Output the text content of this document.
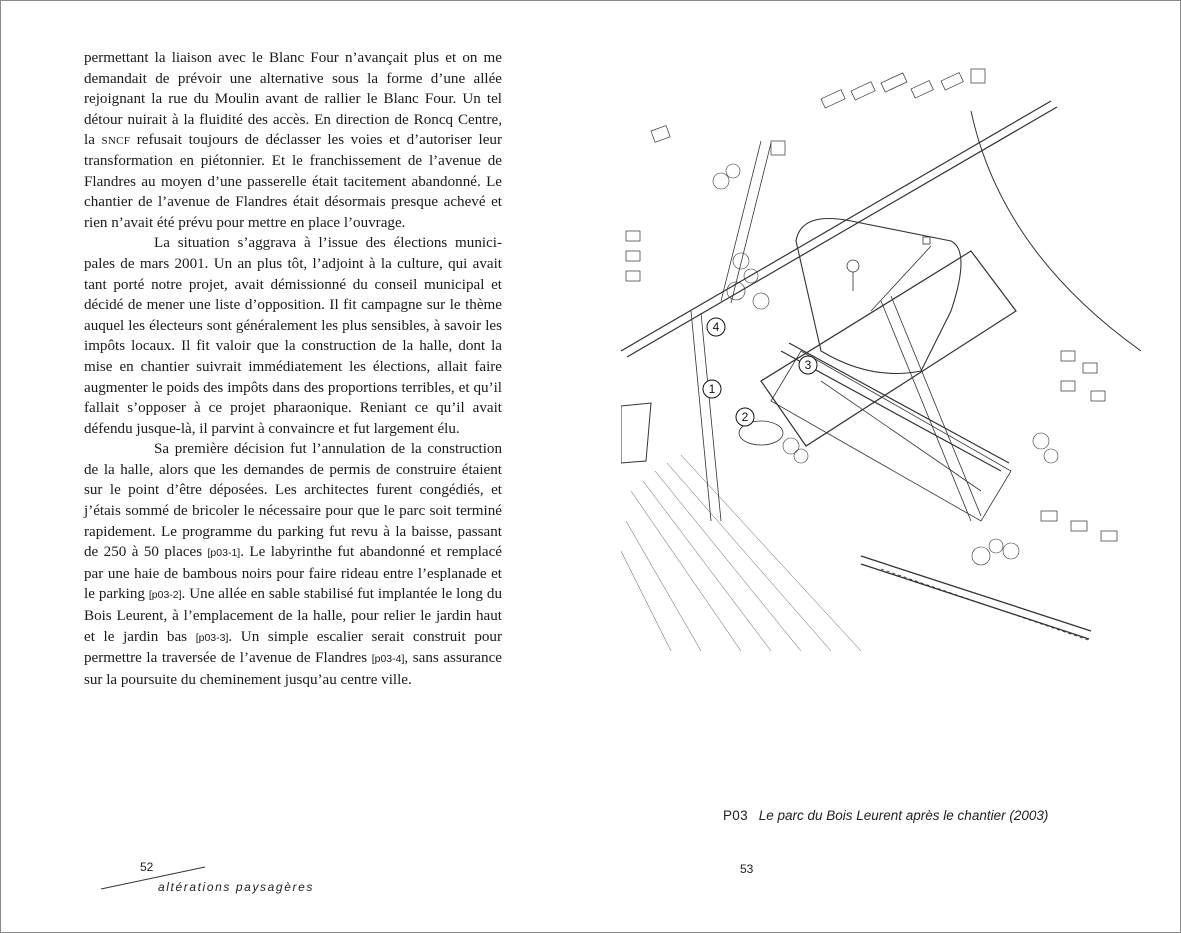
permettant la liaison avec le Blanc Four n’avançait plus et on me demandait de prévoir une alternative sous la forme d’une allée rejoignant la rue du Moulin avant de rallier le Blanc Four. Un tel détour nuirait à la fluidité des accès. En direction de Roncq Centre, la sncf refusait toujours de déclasser les voies et d’autoriser leur transformation en piétonnier. Et le franchissement de l’avenue de Flandres au moyen d’une passerelle était tacitement abandonné. Le chantier de l’avenue de Flandres était désormais presque achevé et rien n’avait été prévu pour mettre en place l’ouvrage.

La situation s’aggrava à l’issue des élections munici-pales de mars 2001. Un an plus tôt, l’adjoint à la culture, qui avait tant porté notre projet, avait démissionné du conseil municipal et décidé de mener une liste d’opposition. Il fit campagne sur le thème auquel les électeurs sont généralement les plus sensibles, à savoir les impôts locaux. Il fit valoir que la construction de la halle, dont la mise en chantier suivrait immédiatement les élections, allait faire augmenter le poids des impôts dans des proportions terribles, et qu’il fallait s’opposer à ce projet pharaonique. Reniant ce qu’il avait défendu jusque-là, il parvint à convaincre et fut largement élu.

Sa première décision fut l’annulation de la construction de la halle, alors que les demandes de permis de construire étaient sur le point d’être déposées. Les architectes furent congédiés, et j’étais sommé de bricoler le nécessaire pour que le parc soit terminé rapidement. Le programme du parking fut revu à la baisse, passant de 250 à 50 places [p03-1]. Le labyrinthe fut abandonné et remplacé par une haie de bambous noirs pour faire rideau entre l’esplanade et le parking [p03-2]. Une allée en sable stabilisé fut implantée le long du Bois Leurent, à l’emplacement de la halle, pour relier le jardin haut et le jardin bas [p03-3]. Un simple escalier serait construit pour permettre la traversée de l’avenue de Flandres [p03-4], sans assurance sur la poursuite du cheminement jusqu’au centre ville.

52
altérations paysagères
4
3
1
2
P03 Le parc du Bois Leurent après le chantier (2003)
53
